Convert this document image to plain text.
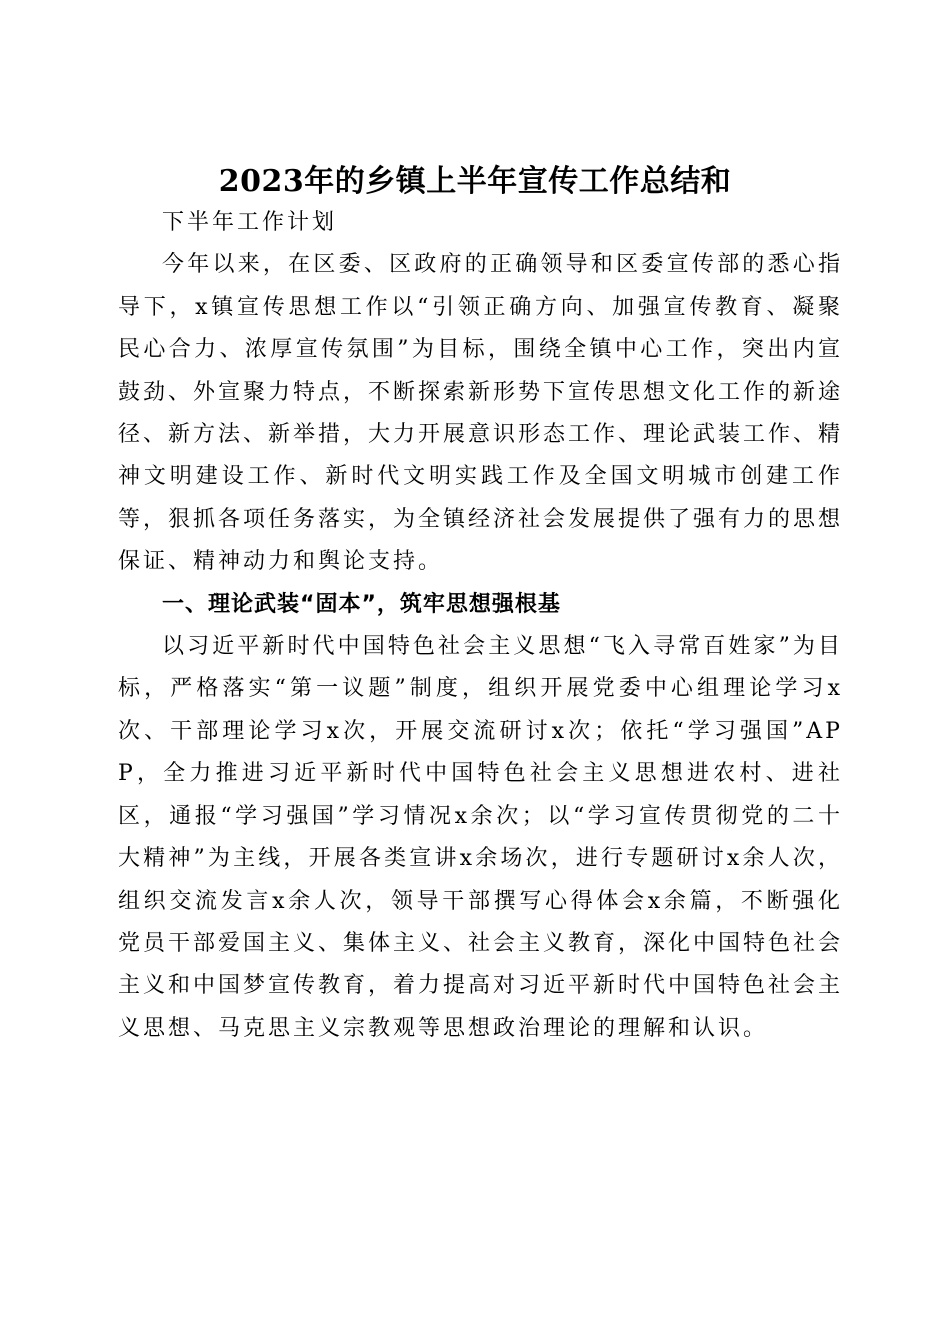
2023年的乡镇上半年宣传工作总结和

下半年工作计划

今年以来，在区委、区政府的正确领导和区委宣传部的悉心指导下，x镇宣传思想工作以“引领正确方向、加强宣传教育、凝聚民心合力、浓厚宣传氛围”为目标，围绕全镇中心工作，突出内宣鼓劲、外宣聚力特点，不断探索新形势下宣传思想文化工作的新途径、新方法、新举措，大力开展意识形态工作、理论武装工作、精神文明建设工作、新时代文明实践工作及全国文明城市创建工作等，狠抓各项任务落实，为全镇经济社会发展提供了强有力的思想保证、精神动力和舆论支持。

一、理论武装“固本”，筑牢思想强根基

以习近平新时代中国特色社会主义思想“飞入寻常百姓家”为目标，严格落实“第一议题”制度，组织开展党委中心组理论学习x次、干部理论学习x次，开展交流研讨x次；依托“学习强国”APP，全力推进习近平新时代中国特色社会主义思想进农村、进社区，通报“学习强国”学习情况x余次；以“学习宣传贯彻党的二十大精神”为主线，开展各类宣讲x余场次，进行专题研讨x余人次，组织交流发言x余人次，领导干部撰写心得体会x余篇，不断强化党员干部爱国主义、集体主义、社会主义教育，深化中国特色社会主义和中国梦宣传教育，着力提高对习近平新时代中国特色社会主义思想、马克思主义宗教观等思想政治理论的理解和认识。
